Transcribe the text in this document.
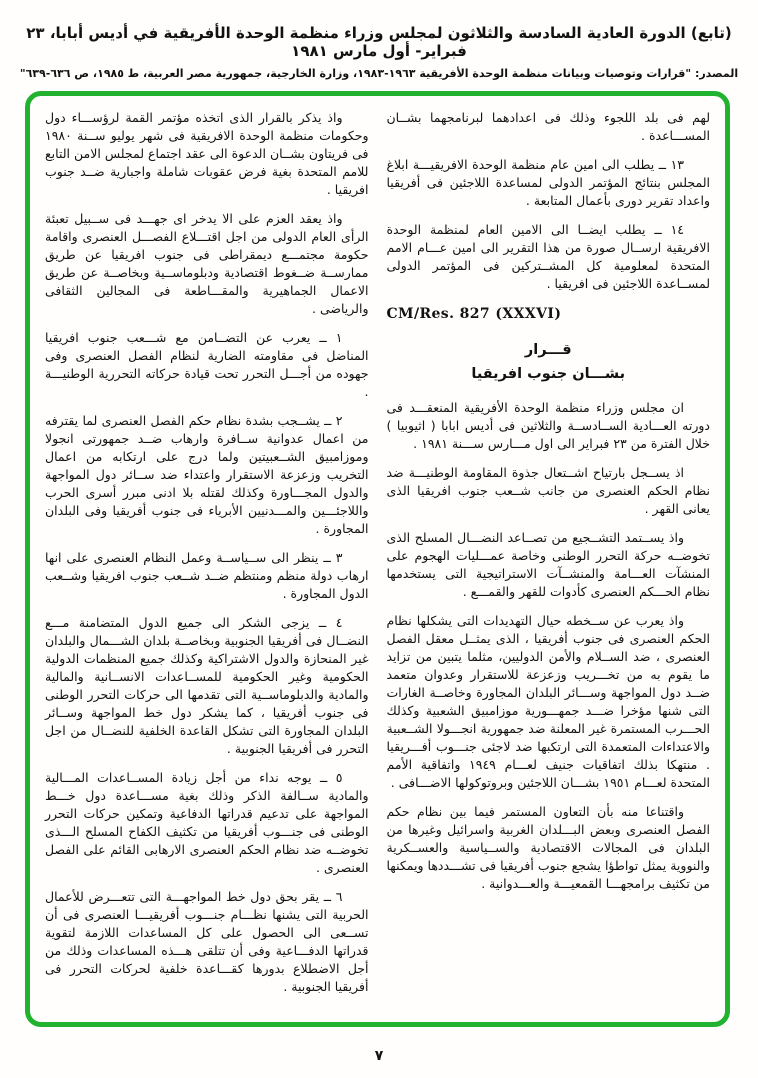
(تابع) الدورة العادية السادسة والثلاثون لمجلس وزراء منظمة الوحدة الأفريقية في أديس أبابا، ٢٣ فبراير- أول مارس ١٩٨١
المصدر: "قرارات وتوصيات وبيانات منظمة الوحدة الأفريقية ١٩٦٣-١٩٨٣، وزارة الخارجية، جمهورية مصر العربية، ط ١٩٨٥، ص ٦٣٦-٦٣٩"

لهم فى بلد اللجوء وذلك فى اعدادهما لبرنامجهما بشــان المســـاعدة .

١٣ ــ يطلب الى امين عام منظمة الوحدة الافريقيـــة ابلاغ المجلس بنتائج المؤتمر الدولى لمساعدة اللاجئين فى أفريقيا واعداد تقرير دورى بأعمال المتابعة .

١٤ ــ يطلب ايضــا الى الامين العام لمنظمة الوحدة الافريقية ارســال صورة من هذا التقرير الى امين عـــام الامم المتحدة لمعلومية كل المشــتركين فى المؤتمر الدولى لمســاعدة اللاجئين فى افريقيا .

CM/Res. 827 (XXXVI)
قـــرار
بشـــان جنوب افريقيا

ان مجلس وزراء منظمة الوحدة الأفريقية المنعقـــد فى دورته العـــادية الســادســة والثلاثين فى أديس ابابا ( اثيوبيا ) خلال الفترة من ٢٣ فبراير الى اول مـــارس ســـنة ١٩٨١ .

اذ يســجل بارتياح اشــتعال جذوة المقاومة الوطنيـــة ضد نظام الحكم العنصرى من جانب شــعب جنوب افريقيا الذى يعانى القهر .

واذ يســتمد التشــجيع من تصــاعد النضـــال المسلح الذى تخوضــه حركة التحرر الوطنى وخاصة عمـــليات الهجوم على المنشآت العـــامة والمنشــآت الاستراتيجية التى يستخدمها نظام الحـــكم العنصرى كأدوات للقهر والقمـــع .

واذ يعرب عن ســخطه حيال التهديدات التى يشكلها نظام الحكم العنصرى فى جنوب أفريقيا ، الذى يمثــل معقل الفصل العنصرى ، ضد الســلام والأمن الدوليين، مثلما يتبين من تزايد ما يقوم به من تخـــريب وزعزعة للاستقرار وعدوان متعمد ضــد دول المواجهة وســـائر البلدان المجاورة وخاصــة الغارات التى شنها مؤخرا ضـــد جمهـــورية موزامبيق الشعبية وكذلك الحـــرب المستمرة غير المعلنة ضد جمهورية انجـــولا الشــعبية والاعتداءات المتعمدة التى ارتكبها ضد لاجئى جنـــوب أفـــريقيا . منتهكا بذلك اتفاقيات جنيف لعـــام ١٩٤٩ واتفاقية الأمم المتحدة لعـــام ١٩٥١ بشـــان اللاجئين وبروتوكولها الاضـــافى .

واقتناعا منه بأن التعاون المستمر فيما بين نظام حكم الفصل العنصرى وبعض البـــلدان الغربية واسرائيل وغيرها من البلدان فى المجالات الاقتصادية والســياسية والعســكرية والنووية يمثل تواطؤا يشجع جنوب أفريقيا فى تشـــددها ويمكنها من تكثيف برامجهـــا القمعيـــة والعـــدوانية .

واذ يذكر بالقرار الذى اتخذه مؤتمر القمة لرؤســـاء دول وحكومات منظمة الوحدة الافريقية فى شهر يوليو ســنة ١٩٨٠ فى فريتاون بشــان الدعوة الى عقد اجتماع لمجلس الامن التابع للامم المتحدة بغية فرض عقوبات شاملة واجبارية ضــد جنوب افريقيا .

واذ يعقد العزم على الا يدخر اى جهـــد فى ســبيل تعبئة الرأى العام الدولى من اجل اقتـــلاع الفصـــل العنصرى واقامة حكومة مجتمـــع ديمقراطى فى جنوب افريقيا عن طريق ممارســة ضــغوط اقتصادية ودبلوماســية وبخاصــة عن طريق الاعمال الجماهيرية والمقـــاطعة فى المجالين الثقافى والرياضى .

١ ــ يعرب عن التضــامن مع شـــعب جنوب افريقيا المناضل فى مقاومته الضارية لنظام الفصل العنصرى وفى جهوده من أجـــل التحرر تحت قيادة حركاته التحررية الوطنيـــة .

٢ ــ يشــجب بشدة نظام حكم الفصل العنصرى لما يقترفه من اعمال عدوانية ســافرة وارهاب ضــد جمهورتى انجولا وموزامبيق الشــعبيتين ولما درج على ارتكابه من اعمال التخريب وزعزعة الاستقرار واعتداء ضد ســائر دول المواجهة والدول المجـــاورة وكذلك لقتله بلا ادنى مبرر أسرى الحرب واللاجئـــين والمـــدنيين الأبرياء فى جنوب أفريقيا وفى البلدان المجاورة .

٣ ــ ينظر الى ســياســة وعمل النظام العنصرى على انها ارهاب دولة منظم ومنتظم ضــد شــعب جنوب افريقيا وشــعب الدول المجاورة .

٤ ــ يزجى الشكر الى جميع الدول المتضامنة مـــع النضــال فى أفريقيا الجنوبية وبخاصــة بلدان الشـــمال والبلدان غير المنحازة والدول الاشتراكية وكذلك جميع المنظمات الدولية الحكومية وغير الحكومية للمســاعدات الانســانية والمالية والمادية والدبلوماســية التى تقدمها الى حركات التحرر الوطنى فى جنوب أفريقيا ، كما يشكر دول خط المواجهة وســائر البلدان المجاورة التى تشكل القاعدة الخلفية للنضــال من اجل التحرر فى أفريقيا الجنوبية .

٥ ــ يوجه نداء من أجل زيادة المســاعدات المـــالية والمادية ســالفة الذكر وذلك بغية مســـاعدة دول خـــط المواجهة على تدعيم قدراتها الدفاعية وتمكين حركات التحرر الوطنى فى جنـــوب أفريقيا من تكثيف الكفاح المسلح الـــذى تخوضــه ضد نظام الحكم العنصرى الارهابى القائم على الفصل العنصرى .

٦ ــ يقر بحق دول خط المواجهـــة التى تتعـــرض للأعمال الحربية التى يشنها نظـــام جنـــوب أفريقيـــا العنصرى فى أن تســعى الى الحصول على كل المساعدات اللازمة لتقوية قدراتها الدفـــاعية وفى أن تتلقى هـــذه المساعدات وذلك من أجل الاضطلاع بدورها كقـــاعدة خلفية لحركات التحرر فى أفريقيا الجنوبية .

٧
